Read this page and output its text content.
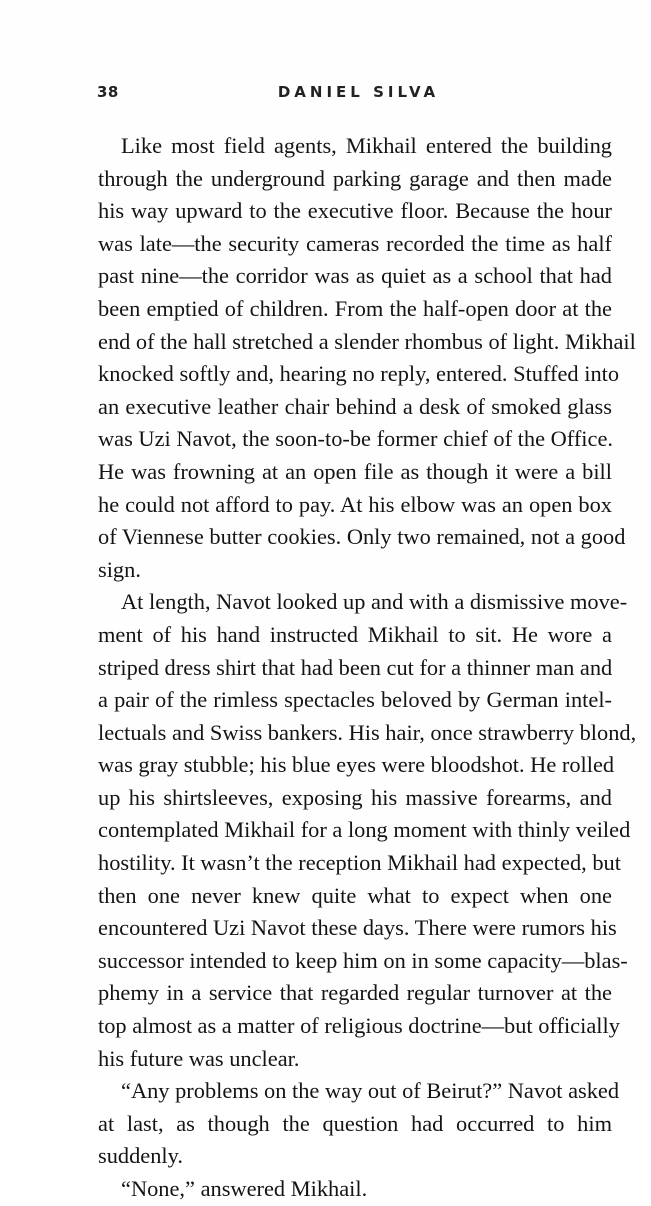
38	DANIEL SILVA
Like most field agents, Mikhail entered the building
through the underground parking garage and then made
his way upward to the executive floor. Because the hour
was late—the security cameras recorded the time as half
past nine—the corridor was as quiet as a school that had
been emptied of children. From the half-open door at the
end of the hall stretched a slender rhombus of light. Mikhail
knocked softly and, hearing no reply, entered. Stuffed into
an executive leather chair behind a desk of smoked glass
was Uzi Navot, the soon-to-be former chief of the Office.
He was frowning at an open file as though it were a bill
he could not afford to pay. At his elbow was an open box
of Viennese butter cookies. Only two remained, not a good
sign.
At length, Navot looked up and with a dismissive move-
ment of his hand instructed Mikhail to sit. He wore a
striped dress shirt that had been cut for a thinner man and
a pair of the rimless spectacles beloved by German intel-
lectuals and Swiss bankers. His hair, once strawberry blond,
was gray stubble; his blue eyes were bloodshot. He rolled
up his shirtsleeves, exposing his massive forearms, and
contemplated Mikhail for a long moment with thinly veiled
hostility. It wasn’t the reception Mikhail had expected, but
then one never knew quite what to expect when one
encountered Uzi Navot these days. There were rumors his
successor intended to keep him on in some capacity—blas-
phemy in a service that regarded regular turnover at the
top almost as a matter of religious doctrine—but officially
his future was unclear.
“Any problems on the way out of Beirut?” Navot asked
at last, as though the question had occurred to him
suddenly.
“None,” answered Mikhail.
